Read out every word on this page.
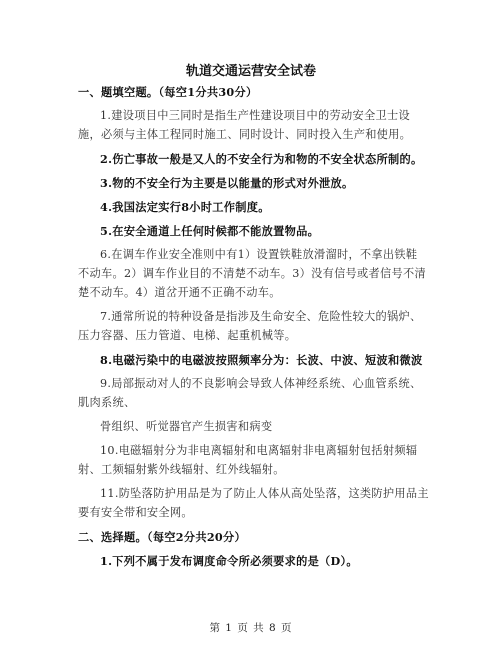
轨道交通运营安全试卷
一、题填空题。（每空1分共30分）
1.建设项目中三同时是指生产性建设项目中的劳动安全卫士设
施，必须与主体工程同时施工、同时设计、同时投入生产和使用。
2.伤亡事故一般是又人的不安全行为和物的不安全状态所制的。
3.物的不安全行为主要是以能量的形式对外泄放。
4.我国法定实行8小时工作制度。
5.在安全通道上任何时候都不能放置物品。
6.在调车作业安全准则中有1）设置铁鞋放滑溜时，不拿出铁鞋
不动车。2）调车作业目的不清楚不动车。3）没有信号或者信号不清
楚不动车。4）道岔开通不正确不动车。
7.通常所说的特种设备是指涉及生命安全、危险性较大的锅炉、
压力容器、压力管道、电梯、起重机械等。
8.电磁污染中的电磁波按照频率分为：长波、中波、短波和微波
9.局部振动对人的不良影响会导致人体神经系统、心血管系统、
肌肉系统、
骨组织、听觉器官产生损害和病变
10.电磁辐射分为非电离辐射和电离辐射非电离辐射包括射频辐
射、工频辐射紫外线辐射、红外线辐射。
11.防坠落防护用品是为了防止人体从高处坠落，这类防护用品主
要有安全带和安全网。
二、选择题。（每空2分共20分）
1.下列不属于发布调度命令所必须要求的是（D）。
第 1 页 共 8 页
